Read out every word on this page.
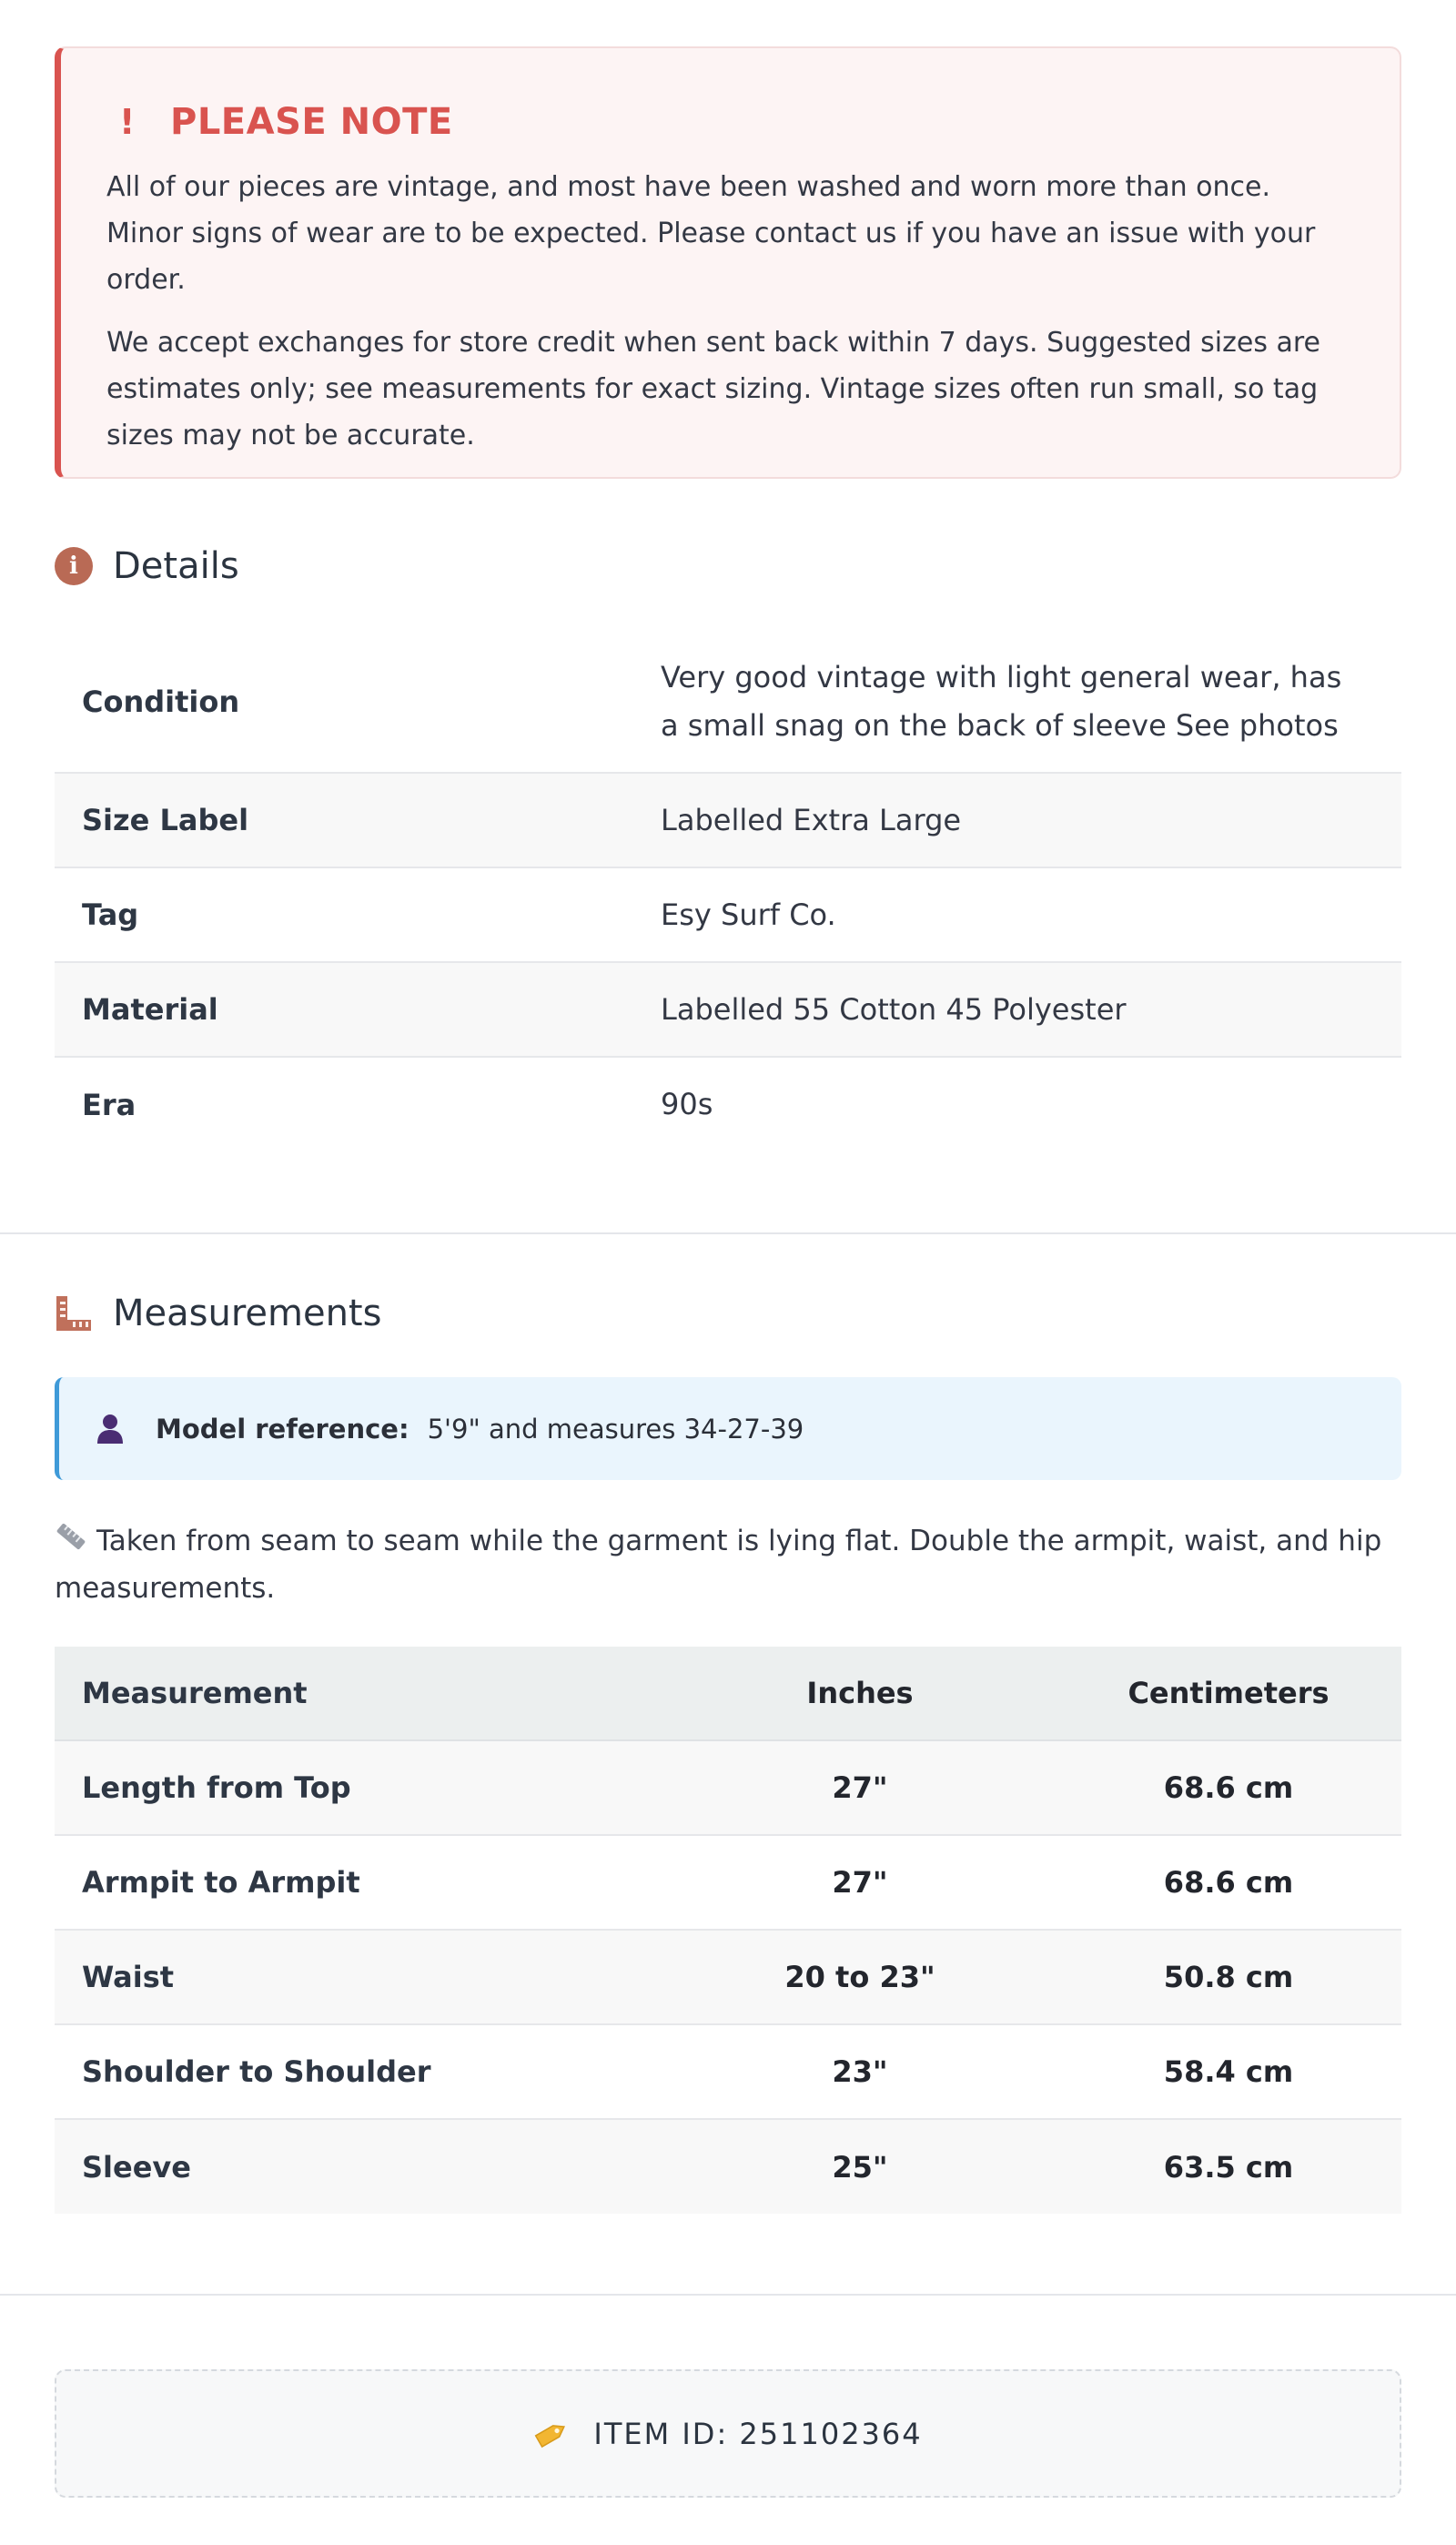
! PLEASE NOTE

All of our pieces are vintage, and most have been washed and worn more than once. Minor signs of wear are to be expected. Please contact us if you have an issue with your order.

We accept exchanges for store credit when sent back within 7 days. Suggested sizes are estimates only; see measurements for exact sizing. Vintage sizes often run small, so tag sizes may not be accurate.

i Details
Condition	Very good vintage with light general wear, has a small snag on the back of sleeve See photos
Size Label	Labelled Extra Large
Tag	Esy Surf Co.
Material	Labelled 55 Cotton 45 Polyester
Era	90s
Measurements
Model reference: 5'9" and measures 34-27-39
Taken from seam to seam while the garment is lying flat. Double the armpit, waist, and hip measurements.
Measurement	Inches	Centimeters
Length from Top	27"	68.6 cm
Armpit to Armpit	27"	68.6 cm
Waist	20 to 23"	50.8 cm
Shoulder to Shoulder	23"	58.4 cm
Sleeve	25"	63.5 cm
ITEM ID: 251102364
